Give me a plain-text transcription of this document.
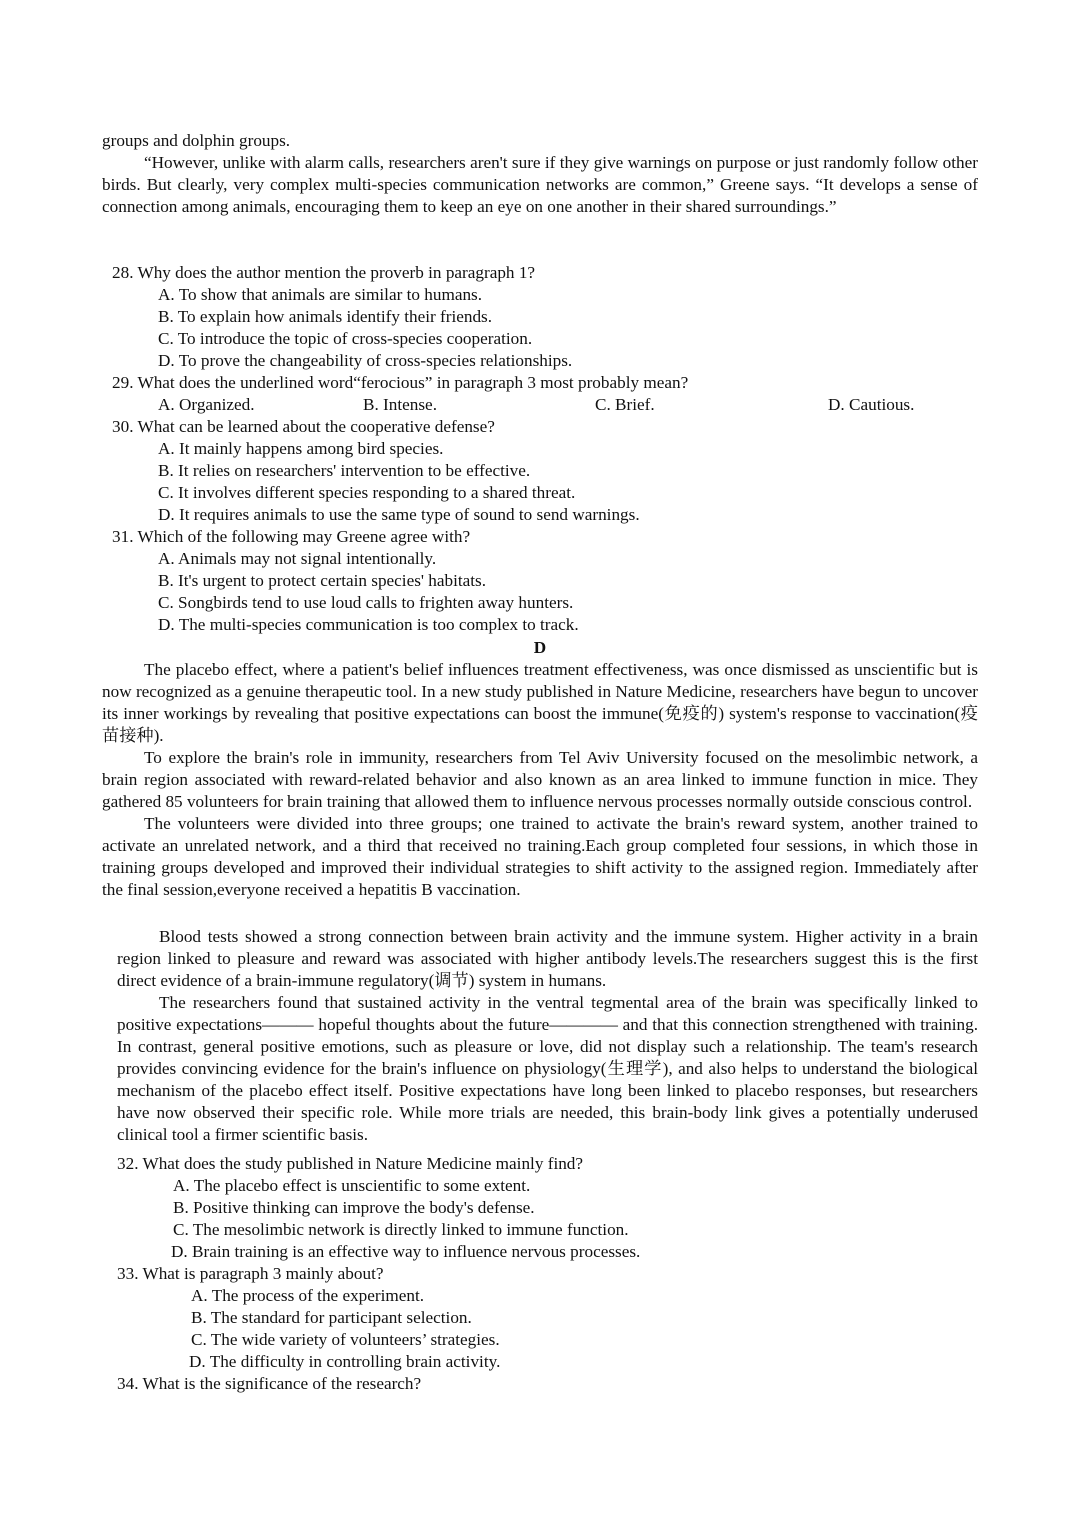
groups and dolphin groups.

“However, unlike with alarm calls, researchers aren't sure if they give warnings on purpose or just randomly follow other birds. But clearly, very complex multi-species communication networks are common,” Greene says. “It develops a sense of connection among animals, encouraging them to keep an eye on one another in their shared surroundings.”

28. Why does the author mention the proverb in paragraph 1?

A. To show that animals are similar to humans.

B. To explain how animals identify their friends.

C. To introduce the topic of cross-species cooperation.

D. To prove the changeability of cross-species relationships.

29. What does the underlined word“ferocious” in paragraph 3 most probably mean?

A. Organized.	B. Intense.	C. Brief.	D. Cautious.

30. What can be learned about the cooperative defense?

A. It mainly happens among bird species.

B. It relies on researchers' intervention to be effective.

C. It involves different species responding to a shared threat.

D. It requires animals to use the same type of sound to send warnings.

31. Which of the following may Greene agree with?

A. Animals may not signal intentionally.

B. It's urgent to protect certain species' habitats.

C. Songbirds tend to use loud calls to frighten away hunters.

D. The multi-species communication is too complex to track.

D

The placebo effect, where a patient's belief influences treatment effectiveness, was once dismissed as unscientific but is now recognized as a genuine therapeutic tool. In a new study published in Nature Medicine, researchers have begun to uncover its inner workings by revealing that positive expectations can boost the immune(免疫的) system's response to vaccination(疫苗接种).

To explore the brain's role in immunity, researchers from Tel Aviv University focused on the mesolimbic network, a brain region associated with reward-related behavior and also known as an area linked to immune function in mice. They gathered 85 volunteers for brain training that allowed them to influence nervous processes normally outside conscious control.

The volunteers were divided into three groups; one trained to activate the brain's reward system, another trained to activate an unrelated network, and a third that received no training.Each group completed four sessions, in which those in training groups developed and improved their individual strategies to shift activity to the assigned region. Immediately after the final session,everyone received a hepatitis B vaccination.

Blood tests showed a strong connection between brain activity and the immune system. Higher activity in a brain region linked to pleasure and reward was associated with higher antibody levels.The researchers suggest this is the first direct evidence of a brain-immune regulatory(调节) system in humans.

The researchers found that sustained activity in the ventral tegmental area of the brain was specifically linked to positive expectations——— hopeful thoughts about the future———— and that this connection strengthened with training. In contrast, general positive emotions, such as pleasure or love, did not display such a relationship. The team's research provides convincing evidence for the brain's influence on physiology(生理学), and also helps to understand the biological mechanism of the placebo effect itself. Positive expectations have long been linked to placebo responses, but researchers have now observed their specific role. While more trials are needed, this brain-body link gives a potentially underused clinical tool a firmer scientific basis.

32. What does the study published in Nature Medicine mainly find?

A. The placebo effect is unscientific to some extent.

B. Positive thinking can improve the body's defense.

C. The mesolimbic network is directly linked to immune function.

D. Brain training is an effective way to influence nervous processes.

33. What is paragraph 3 mainly about?

A. The process of the experiment.

B. The standard for participant selection.

C. The wide variety of volunteers’ strategies.

D. The difficulty in controlling brain activity.

34. What is the significance of the research?
